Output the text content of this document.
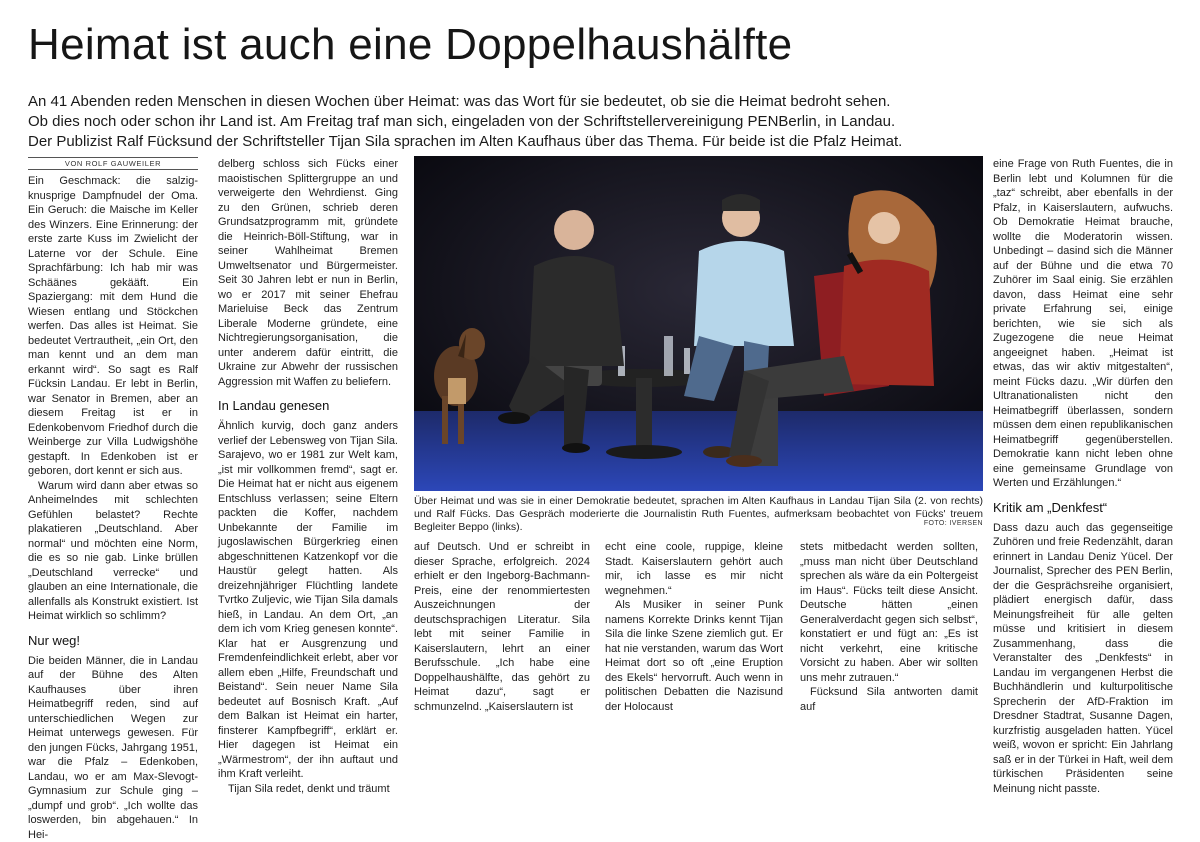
Heimat ist auch eine Doppelhaushälfte

An 41 Abenden reden Menschen in diesen Wochen über Heimat: was das Wort für sie bedeutet, ob sie die Heimat bedroht sehen.

Ob dies noch oder schon ihr Land ist. Am Freitag traf man sich, eingeladen von der Schriftstellervereinigung PENBerlin, in Landau.

Der Publizist Ralf Fücksund der Schriftsteller Tijan Sila sprachen im Alten Kaufhaus über das Thema. Für beide ist die Pfalz Heimat.

VON ROLF GAUWEILER

Ein Geschmack: die salzig-knusprige Dampfnudel der Oma. Ein Geruch: die Maische im Keller des Winzers. Eine Erinnerung: der erste zarte Kuss im Zwielicht der Laterne vor der Schule. Eine Sprachfärbung: Ich hab mir was Schäänes gekääft. Ein Spaziergang: mit dem Hund die Wiesen entlang und Stöckchen werfen. Das alles ist Heimat. Sie bedeutet Vertrautheit, „ein Ort, den man kennt und an dem man erkannt wird“. So sagt es Ralf Fücksin Landau. Er lebt in Berlin, war Senator in Bremen, aber an diesem Freitag ist er in Edenkobenvom Friedhof durch die Weinberge zur Villa Ludwigshöhe gestapft. In Edenkoben ist er geboren, dort kennt er sich aus.

Warum wird dann aber etwas so Anheimelndes mit schlechten Gefühlen belastet? Rechte plakatieren „Deutschland. Aber normal“ und möchten eine Norm, die es so nie gab. Linke brüllen „Deutschland verrecke“ und glauben an eine Internationale, die allenfalls als Konstrukt existiert. Ist Heimat wirklich so schlimm?

Nur weg!

Die beiden Männer, die in Landau auf der Bühne des Alten Kaufhauses über ihren Heimatbegriff reden, sind auf unterschiedlichen Wegen zur Heimat unterwegs gewesen. Für den jungen Fücks, Jahrgang 1951, war die Pfalz – Edenkoben, Landau, wo er am Max-Slevogt-Gymnasium zur Schule ging – „dumpf und grob“. „Ich wollte das loswerden, bin abgehauen.“ In Hei-

delberg schloss sich Fücks einer maoistischen Splittergruppe an und verweigerte den Wehrdienst. Ging zu den Grünen, schrieb deren Grundsatzprogramm mit, gründete die Heinrich-Böll-Stiftung, war in seiner Wahlheimat Bremen Umweltsenator und Bürgermeister. Seit 30 Jahren lebt er nun in Berlin, wo er 2017 mit seiner Ehefrau Marieluise Beck das Zentrum Liberale Moderne gründete, eine Nichtregierungsorganisation, die unter anderem dafür eintritt, die Ukraine zur Abwehr der russischen Aggression mit Waffen zu beliefern.

In Landau genesen

Ähnlich kurvig, doch ganz anders verlief der Lebensweg von Tijan Sila. Sarajevo, wo er 1981 zur Welt kam, „ist mir vollkommen fremd“, sagt er. Die Heimat hat er nicht aus eigenem Entschluss verlassen; seine Eltern packten die Koffer, nachdem Unbekannte der Familie im jugoslawischen Bürgerkrieg einen abgeschnittenen Katzenkopf vor die Haustür gelegt hatten. Als dreizehnjähriger Flüchtling landete Tvrtko Zuljevic, wie Tijan Sila damals hieß, in Landau. An dem Ort, „an dem ich vom Krieg genesen konnte“. Klar hat er Ausgrenzung und Fremdenfeindlichkeit erlebt, aber vor allem eben „Hilfe, Freundschaft und Beistand“. Sein neuer Name Sila bedeutet auf Bosnisch Kraft. „Auf dem Balkan ist Heimat ein harter, finsterer Kampfbegriff“, erklärt er. Hier dagegen ist Heimat ein „Wärmestrom“, der ihn auftaut und ihm Kraft verleiht.

Tijan Sila redet, denkt und träumt

Über Heimat und was sie in einer Demokratie bedeutet, sprachen im Alten Kaufhaus in Landau Tijan Sila (2. von rechts) und Ralf Fücks. Das Gespräch moderierte die Journalistin Ruth Fuentes, aufmerksam beobachtet von Fücks' treuem Begleiter Beppo (links).	FOTO: IVERSEN

auf Deutsch. Und er schreibt in dieser Sprache, erfolgreich. 2024 erhielt er den Ingeborg-Bachmann-Preis, eine der renommiertesten Auszeichnungen der deutschsprachigen Literatur. Sila lebt mit seiner Familie in Kaiserslautern, lehrt an einer Berufsschule. „Ich habe eine Doppelhaushälfte, das gehört zu Heimat dazu“, sagt er schmunzelnd. „Kaiserslautern ist

echt eine coole, ruppige, kleine Stadt. Kaiserslautern gehört auch mir, ich lasse es mir nicht wegnehmen.“

Als Musiker in seiner Punk namens Korrekte Drinks kennt Tijan Sila die linke Szene ziemlich gut. Er hat nie verstanden, warum das Wort Heimat dort so oft „eine Eruption des Ekels“ hervorruft. Auch wenn in politischen Debatten die Nazisund der Holocaust

stets mitbedacht werden sollten, „muss man nicht über Deutschland sprechen als wäre da ein Poltergeist im Haus“. Fücks teilt diese Ansicht. Deutsche hätten „einen Generalverdacht gegen sich selbst“, konstatiert er und fügt an: „Es ist nicht verkehrt, eine kritische Vorsicht zu haben. Aber wir sollten uns mehr zutrauen.“

Fücksund Sila antworten damit auf

eine Frage von Ruth Fuentes, die in Berlin lebt und Kolumnen für die „taz“ schreibt, aber ebenfalls in der Pfalz, in Kaiserslautern, aufwuchs. Ob Demokratie Heimat brauche, wollte die Moderatorin wissen. Unbedingt – dasind sich die Männer auf der Bühne und die etwa 70 Zuhörer im Saal einig. Sie erzählen davon, dass Heimat eine sehr private Erfahrung sei, einige berichten, wie sie sich als Zugezogene die neue Heimat angeeignet haben. „Heimat ist etwas, das wir aktiv mitgestalten“, meint Fücks dazu. „Wir dürfen den Ultranationalisten nicht den Heimatbegriff überlassen, sondern müssen dem einen republikanischen Heimatbegriff gegenüberstellen. Demokratie kann nicht leben ohne eine gemeinsame Grundlage von Werten und Erzählungen.“

Kritik am „Denkfest“

Dass dazu auch das gegenseitige Zuhören und freie Redenzählt, daran erinnert in Landau Deniz Yücel. Der Journalist, Sprecher des PEN Berlin, der die Gesprächsreihe organisiert, plädiert energisch dafür, dass Meinungsfreiheit für alle gelten müsse und kritisiert in diesem Zusammenhang, dass die Veranstalter des „Denkfests“ in Landau im vergangenen Herbst die Buchhändlerin und kulturpolitische Sprecherin der AfD-Fraktion im Dresdner Stadtrat, Susanne Dagen, kurzfristig ausgeladen hatten. Yücel weiß, wovon er spricht: Ein Jahrlang saß er in der Türkei in Haft, weil dem türkischen Präsidenten seine Meinung nicht passte.
